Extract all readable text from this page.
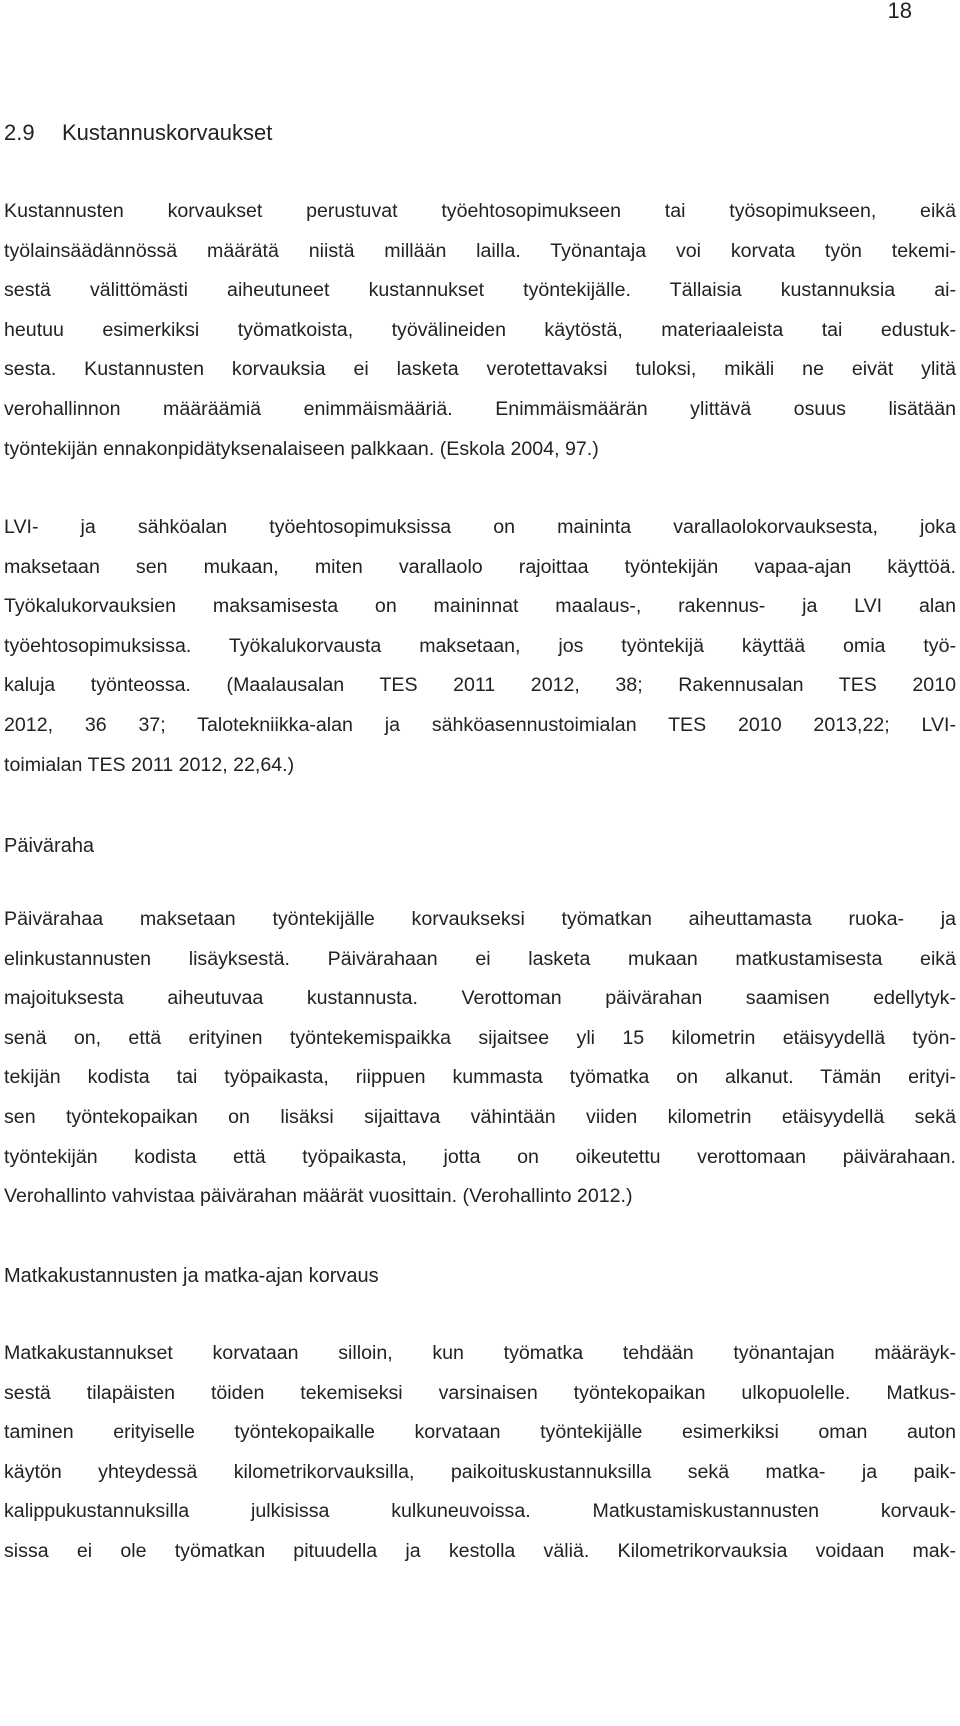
18
2.9 Kustannuskorvaukset
Kustannusten korvaukset perustuvat työehtosopimukseen tai työsopimukseen, eikä
työlainsäädännössä määrätä niistä millään lailla. Työnantaja voi korvata työn tekemi-
sestä välittömästi aiheutuneet kustannukset työntekijälle. Tällaisia kustannuksia ai-
heutuu esimerkiksi työmatkoista, työvälineiden käytöstä, materiaaleista tai edustuk-
sesta. Kustannusten korvauksia ei lasketa verotettavaksi tuloksi, mikäli ne eivät ylitä
verohallinnon määräämiä enimmäismääriä. Enimmäismäärän ylittävä osuus lisätään
työntekijän ennakonpidätyksenalaiseen palkkaan. (Eskola 2004, 97.)
LVI- ja sähköalan työehtosopimuksissa on maininta varallaolokorvauksesta, joka
maksetaan sen mukaan, miten varallaolo rajoittaa työntekijän vapaa-ajan käyttöä.
Työkalukorvauksien maksamisesta on maininnat maalaus-, rakennus- ja LVI alan
työehtosopimuksissa. Työkalukorvausta maksetaan, jos työntekijä käyttää omia työ-
kaluja työnteossa. (Maalausalan TES 2011 2012, 38; Rakennusalan TES 2010
2012, 36 37; Talotekniikka-alan ja sähköasennustoimialan TES 2010 2013,22; LVI-
toimialan TES 2011 2012, 22,64.)
Päiväraha
Päivärahaa maksetaan työntekijälle korvaukseksi työmatkan aiheuttamasta ruoka- ja
elinkustannusten lisäyksestä. Päivärahaan ei lasketa mukaan matkustamisesta eikä
majoituksesta aiheutuvaa kustannusta. Verottoman päivärahan saamisen edellytyk-
senä on, että erityinen työntekemispaikka sijaitsee yli 15 kilometrin etäisyydellä työn-
tekijän kodista tai työpaikasta, riippuen kummasta työmatka on alkanut. Tämän erityi-
sen työntekopaikan on lisäksi sijaittava vähintään viiden kilometrin etäisyydellä sekä
työntekijän kodista että työpaikasta, jotta on oikeutettu verottomaan päivärahaan.
Verohallinto vahvistaa päivärahan määrät vuosittain. (Verohallinto 2012.)
Matkakustannusten ja matka-ajan korvaus
Matkakustannukset korvataan silloin, kun työmatka tehdään työnantajan määräyk-
sestä tilapäisten töiden tekemiseksi varsinaisen työntekopaikan ulkopuolelle. Matkus-
taminen erityiselle työntekopaikalle korvataan työntekijälle esimerkiksi oman auton
käytön yhteydessä kilometrikorvauksilla, paikoituskustannuksilla sekä matka- ja paik-
kalippukustannuksilla julkisissa kulkuneuvoissa. Matkustamiskustannusten korvauk-
sissa ei ole työmatkan pituudella ja kestolla väliä. Kilometrikorvauksia voidaan mak-
